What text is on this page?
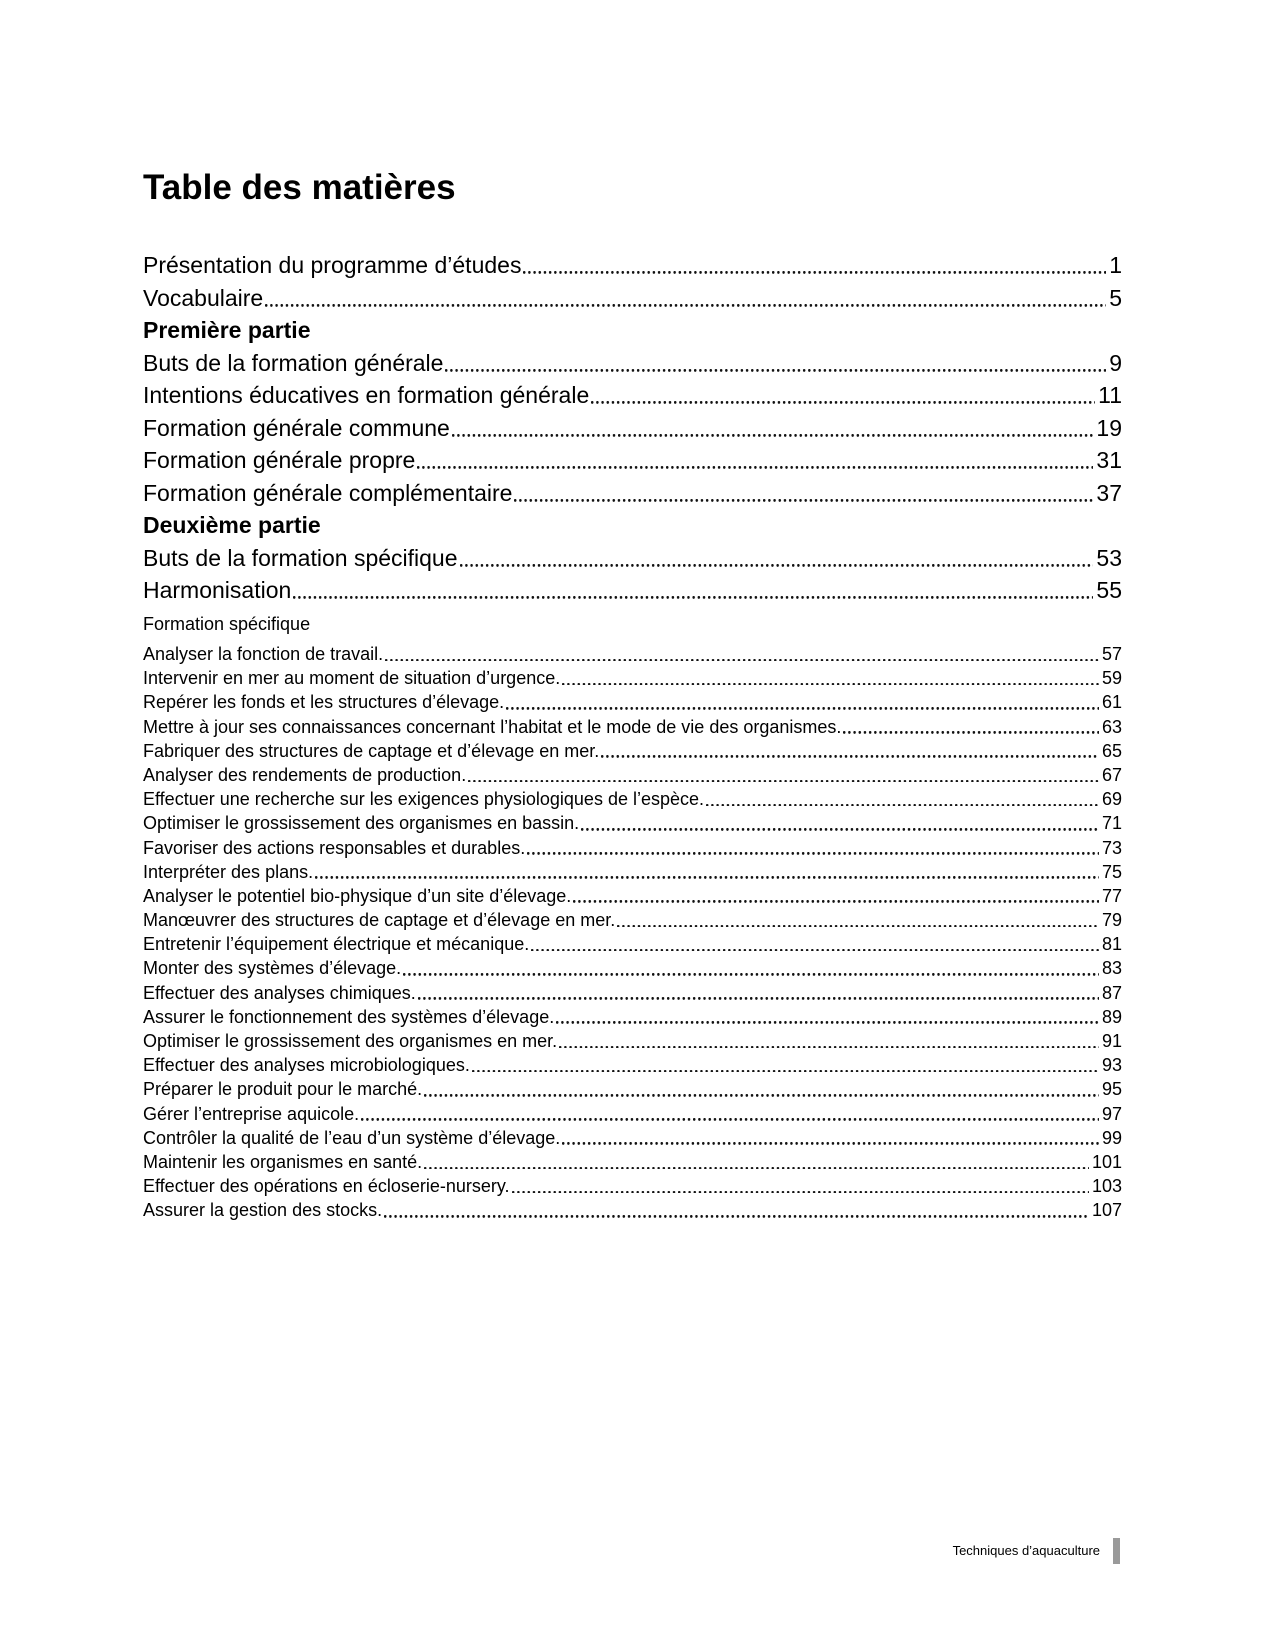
Table des matières
Présentation du programme d’études	1
Vocabulaire	5
Première partie
Buts de la formation générale	9
Intentions éducatives en formation générale	11
Formation générale commune	19
Formation générale propre	31
Formation générale complémentaire	37
Deuxième partie
Buts de la formation spécifique	53
Harmonisation	55
Formation spécifique
Analyser la fonction de travail.	57
Intervenir en mer au moment de situation d’urgence.	59
Repérer les fonds et les structures d’élevage.	61
Mettre à jour ses connaissances concernant l’habitat et le mode de vie des organismes.	63
Fabriquer des structures de captage et d’élevage en mer.	65
Analyser des rendements de production.	67
Effectuer une recherche sur les exigences physiologiques de l’espèce.	69
Optimiser le grossissement des organismes en bassin.	71
Favoriser des actions responsables et durables.	73
Interpréter des plans.	75
Analyser le potentiel bio-physique d’un site d’élevage.	77
Manœuvrer des structures de captage et d’élevage en mer.	79
Entretenir l’équipement électrique et mécanique.	81
Monter des systèmes d’élevage.	83
Effectuer des analyses chimiques.	87
Assurer le fonctionnement des systèmes d’élevage.	89
Optimiser le grossissement des organismes en mer.	91
Effectuer des analyses microbiologiques.	93
Préparer le produit pour le marché.	95
Gérer l’entreprise aquicole.	97
Contrôler la qualité de l’eau d’un système d’élevage.	99
Maintenir les organismes en santé.	101
Effectuer des opérations en écloserie-nursery.	103
Assurer la gestion des stocks.	107
Techniques d’aquaculture
